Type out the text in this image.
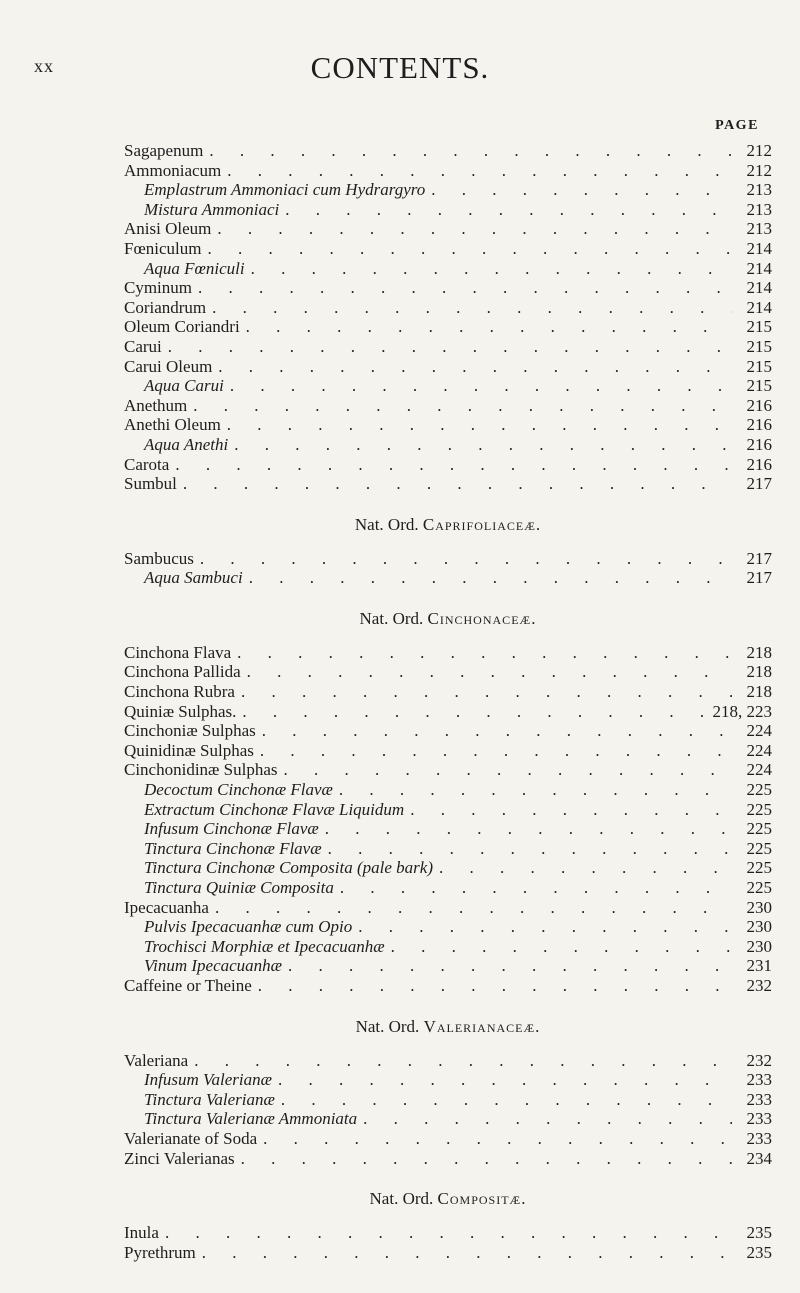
xx	CONTENTS.
PAGE
Sagapenum . . .	212
Ammoniacum . . .	212
Emplastrum Ammoniaci cum Hydrargyro . . .	213
Mistura Ammoniaci . . .	213
Anisi Oleum . . .	213
Fœniculum . . .	214
Aqua Fœniculi . . .	214
Cyminum . . .	214
Coriandrum . . .	214
Oleum Coriandri . . .	215
Carui . . .	215
Carui Oleum . . .	215
Aqua Carui . . .	215
Anethum . . .	216
Anethi Oleum . . .	216
Aqua Anethi . . .	216
Carota . . .	216
Sumbul . . .	217
Nat. Ord. Caprifoliaceæ.
Sambucus . . .	217
Aqua Sambuci . . .	217
Nat. Ord. Cinchonaceæ.
Cinchona Flava . . .	218
Cinchona Pallida . . .	218
Cinchona Rubra . . .	218
Quiniæ Sulphas. . . .	218, 223
Cinchoniæ Sulphas . . .	224
Quinidinæ Sulphas . . .	224
Cinchonidinæ Sulphas . . .	224
Decoctum Cinchonæ Flavæ . . .	225
Extractum Cinchonæ Flavæ Liquidum . . .	225
Infusum Cinchonæ Flavæ . . .	225
Tinctura Cinchonæ Flavæ . . .	225
Tinctura Cinchonæ Composita (pale bark) . . .	225
Tinctura Quiniæ Composita . . .	225
Ipecacuanha . . .	230
Pulvis Ipecacuanhæ cum Opio . . .	230
Trochisci Morphiæ et Ipecacuanhæ . . .	230
Vinum Ipecacuanhæ . . .	231
Caffeine or Theine . . .	232
Nat. Ord. Valerianaceæ.
Valeriana . . .	232
Infusum Valerianæ . . .	233
Tinctura Valerianæ . . .	233
Tinctura Valerianæ Ammoniata . . .	233
Valerianate of Soda . . .	233
Zinci Valerianas . . .	234
Nat. Ord. Compositæ.
Inula . . .	235
Pyrethrum . . .	235
